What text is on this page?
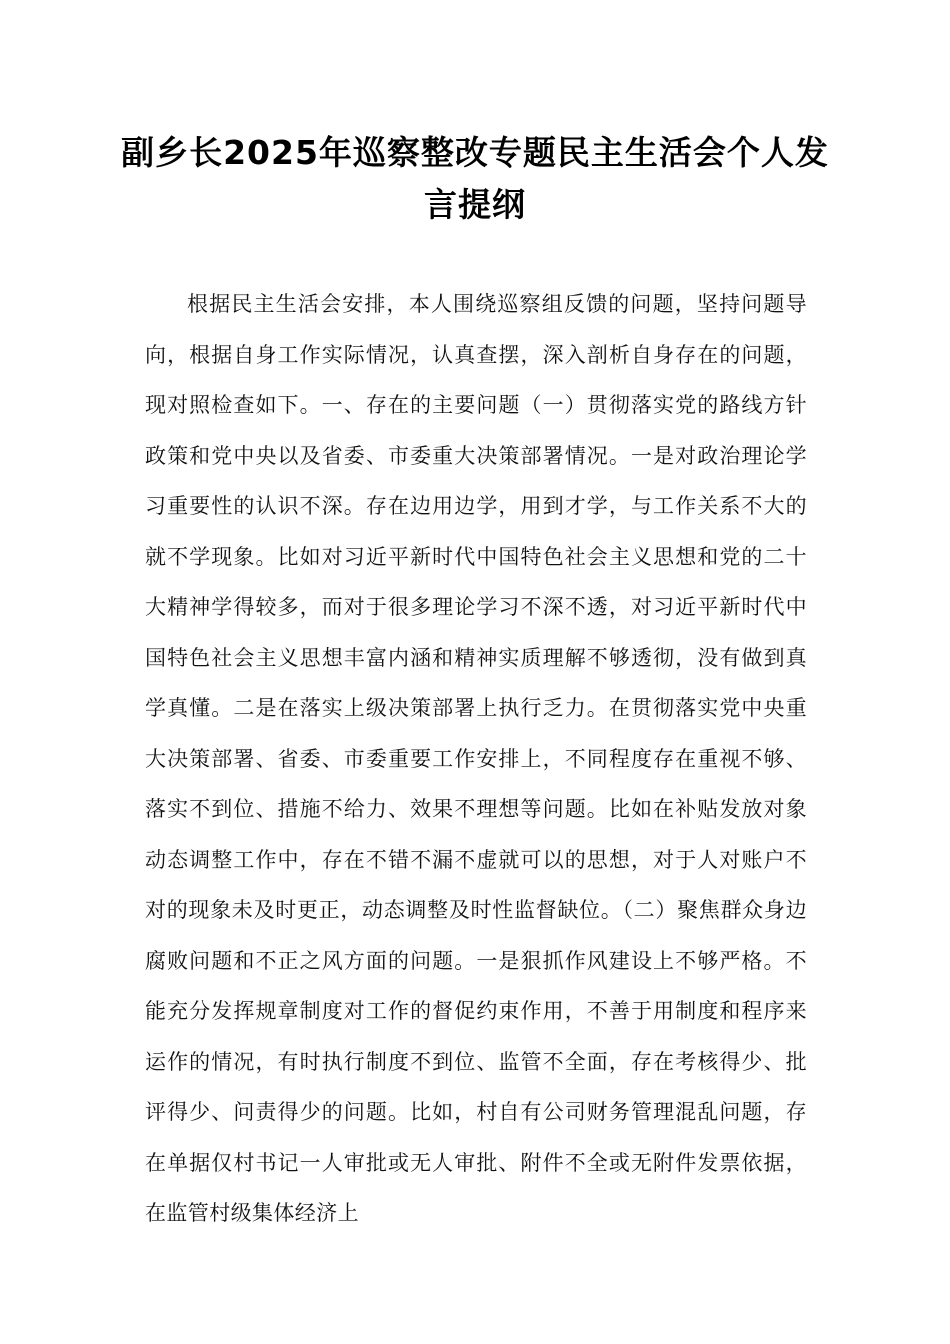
副乡长2025年巡察整改专题民主生活会个人发言提纲

根据民主生活会安排，本人围绕巡察组反馈的问题，坚持问题导向，根据自身工作实际情况，认真查摆，深入剖析自身存在的问题，现对照检查如下。一、存在的主要问题（一）贯彻落实党的路线方针政策和党中央以及省委、市委重大决策部署情况。一是对政治理论学习重要性的认识不深。存在边用边学，用到才学，与工作关系不大的就不学现象。比如对习近平新时代中国特色社会主义思想和党的二十大精神学得较多，而对于很多理论学习不深不透，对习近平新时代中国特色社会主义思想丰富内涵和精神实质理解不够透彻，没有做到真学真懂。二是在落实上级决策部署上执行乏力。在贯彻落实党中央重大决策部署、省委、市委重要工作安排上，不同程度存在重视不够、落实不到位、措施不给力、效果不理想等问题。比如在补贴发放对象动态调整工作中，存在不错不漏不虚就可以的思想，对于人对账户不对的现象未及时更正，动态调整及时性监督缺位。（二）聚焦群众身边腐败问题和不正之风方面的问题。一是狠抓作风建设上不够严格。不能充分发挥规章制度对工作的督促约束作用，不善于用制度和程序来运作的情况，有时执行制度不到位、监管不全面，存在考核得少、批评得少、问责得少的问题。比如，村自有公司财务管理混乱问题，存在单据仅村书记一人审批或无人审批、附件不全或无附件发票依据，在监管村级集体经济上
